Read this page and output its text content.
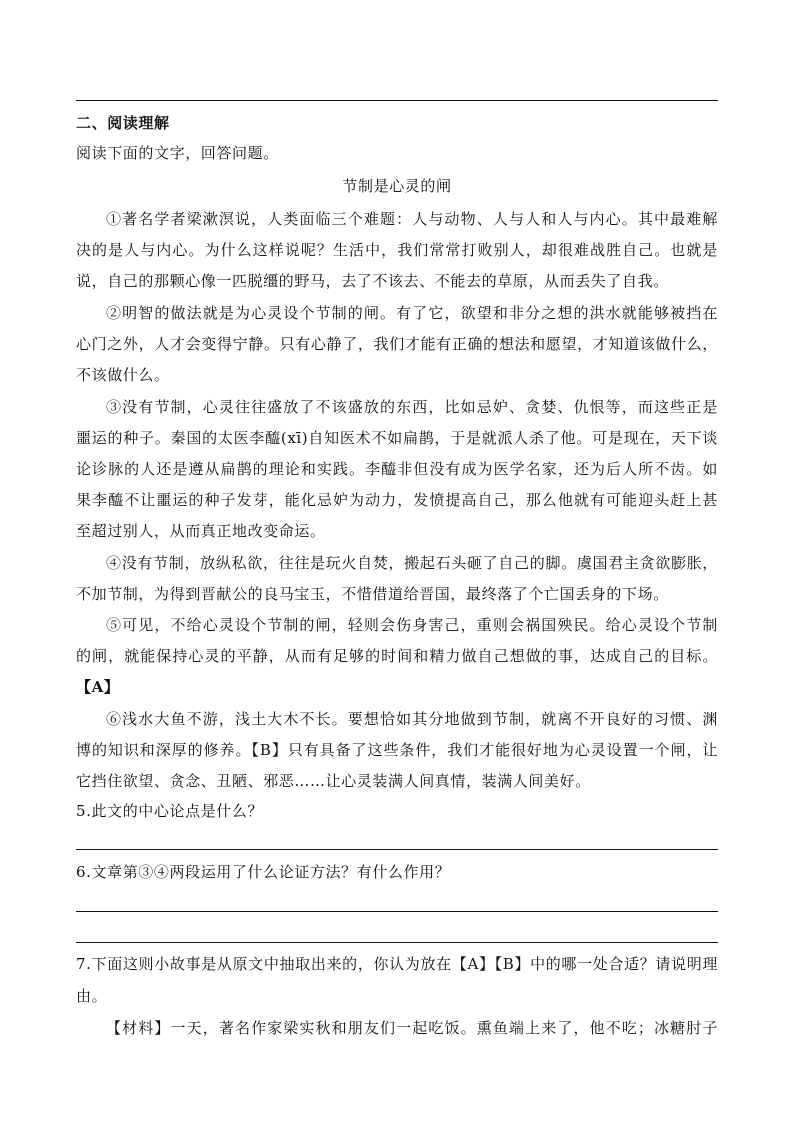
二、阅读理解
阅读下面的文字，回答问题。
节制是心灵的闸
①著名学者梁漱溟说，人类面临三个难题：人与动物、人与人和人与内心。其中最难解
决的是人与内心。为什么这样说呢？生活中，我们常常打败别人，却很难战胜自己。也就是
说，自己的那颗心像一匹脱缰的野马，去了不该去、不能去的草原，从而丢失了自我。
②明智的做法就是为心灵设个节制的闸。有了它，欲望和非分之想的洪水就能够被挡在
心门之外，人才会变得宁静。只有心静了，我们才能有正确的想法和愿望，才知道该做什么，
不该做什么。
③没有节制，心灵往往盛放了不该盛放的东西，比如忌妒、贪婪、仇恨等，而这些正是
噩运的种子。秦国的太医李醯(xī)自知医术不如扁鹊，于是就派人杀了他。可是现在，天下谈
论诊脉的人还是遵从扁鹊的理论和实践。李醯非但没有成为医学名家，还为后人所不齿。如
果李醯不让噩运的种子发芽，能化忌妒为动力，发愤提高自己，那么他就有可能迎头赶上甚
至超过别人，从而真正地改变命运。
④没有节制，放纵私欲，往往是玩火自焚，搬起石头砸了自己的脚。虞国君主贪欲膨胀，
不加节制，为得到晋献公的良马宝玉，不惜借道给晋国，最终落了个亡国丢身的下场。
⑤可见，不给心灵设个节制的闸，轻则会伤身害己，重则会祸国殃民。给心灵设个节制
的闸，就能保持心灵的平静，从而有足够的时间和精力做自己想做的事，达成自己的目标。
【A】
⑥浅水大鱼不游，浅土大木不长。要想恰如其分地做到节制，就离不开良好的习惯、渊
博的知识和深厚的修养。【B】只有具备了这些条件，我们才能很好地为心灵设置一个闸，让
它挡住欲望、贪念、丑陋、邪恶……让心灵装满人间真情，装满人间美好。
5.此文的中心论点是什么？
6.文章第③④两段运用了什么论证方法？有什么作用？
7.下面这则小故事是从原文中抽取出来的，你认为放在【A】【B】中的哪一处合适？请说明理
由。
【材料】一天，著名作家梁实秋和朋友们一起吃饭。熏鱼端上来了，他不吃；冰糖肘子
